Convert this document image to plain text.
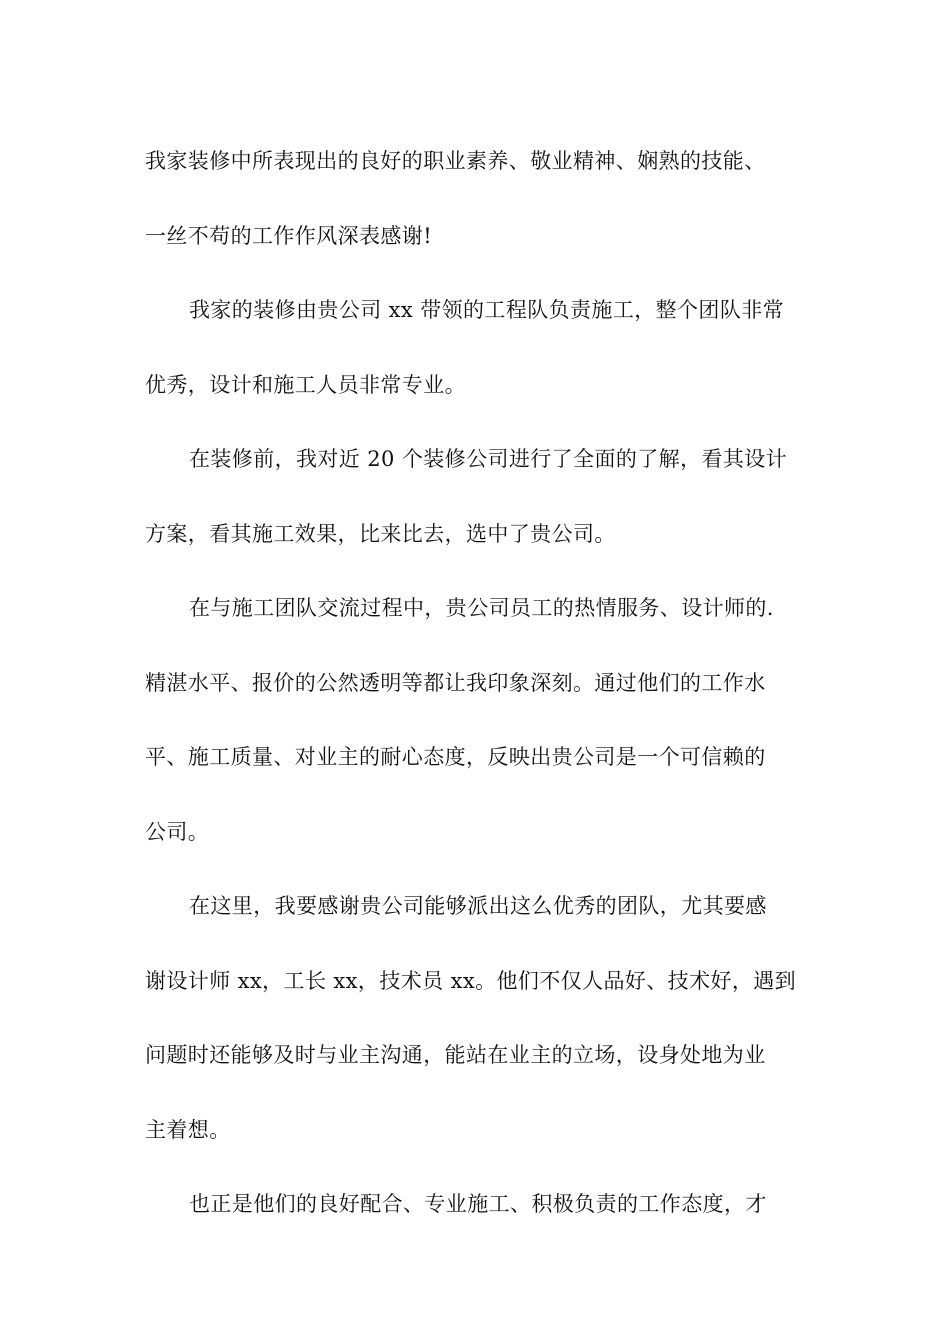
我家装修中所表现出的良好的职业素养、敬业精神、娴熟的技能、
一丝不苟的工作作风深表感谢!
我家的装修由贵公司 xx 带领的工程队负责施工，整个团队非常
优秀，设计和施工人员非常专业。
在装修前，我对近 20 个装修公司进行了全面的了解，看其设计
方案，看其施工效果，比来比去，选中了贵公司。
在与施工团队交流过程中，贵公司员工的热情服务、设计师的.
精湛水平、报价的公然透明等都让我印象深刻。通过他们的工作水
平、施工质量、对业主的耐心态度，反映出贵公司是一个可信赖的
公司。
在这里，我要感谢贵公司能够派出这么优秀的团队，尤其要感
谢设计师 xx，工长 xx，技术员 xx。他们不仅人品好、技术好，遇到
问题时还能够及时与业主沟通，能站在业主的立场，设身处地为业
主着想。
也正是他们的良好配合、专业施工、积极负责的工作态度，才
